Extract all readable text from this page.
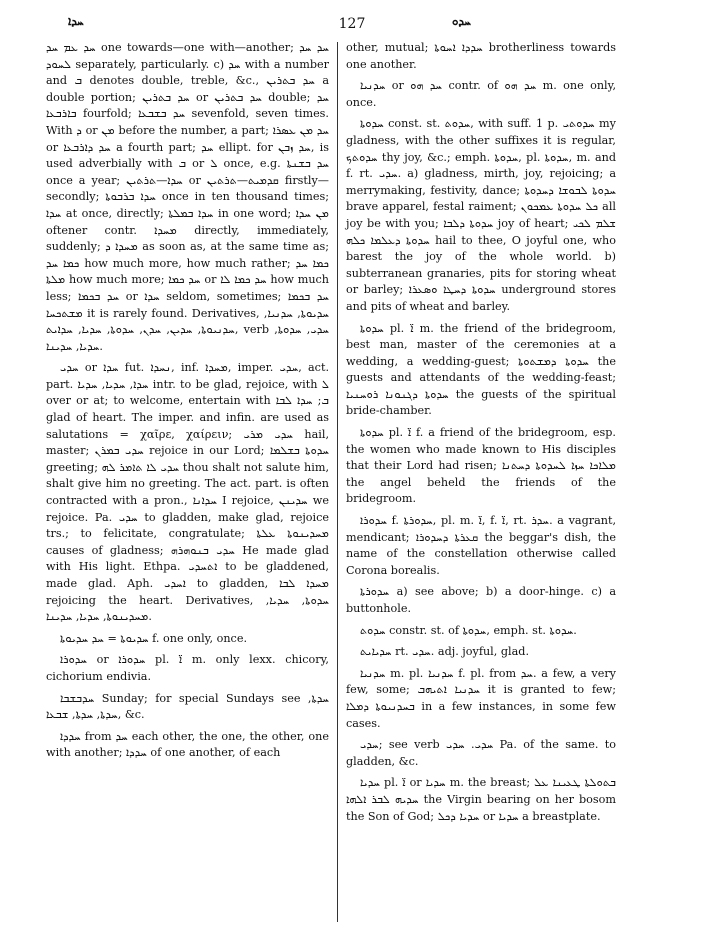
ܚܕܐ	127	ܚܕܘ

ܚܕ ܥܡ ܚܕ one towards—one with—another; ܚܕ ܚܕ ܠܚܘܕ separately, particularly. c) ܚܕ with a number and ܒ denotes double, treble, &c., ܚܕ ܒܬܪܝܢ a double portion; ܚܕ ܒܬܪܝܢ or ܚܕ ܒܬܪܝܢ double; ܚܕ ܒܐܪܒܥܐ fourfold; ܚܕ ܒܫܒܥܐ sevenfold, seven times. With ܕ or ܡܢ before the number, a part; ܚܕ ܡܢ ܥܣܪܐ or ܚܕ ܕܐܪܒܥܐ a fourth part; ܚܕ ellipt. for ܚܕ ܙܒܢ, is used adverbially with ܒ or ܠ once, e.g. ܚܕ ܒܫܢܬܐ once a year; ܚܕܐ—ܬܪܬܝܢ or ܩܕܡܝܬ—ܬܪܬܝܢ firstly—secondly; ܚܕܐ ܒܪܒܘܬܐ once in ten thousand times; ܚܕܐ at once, directly; ܚܕܐ ܒܡܠܬܐ in one word; ܡܢ ܚܕܐ oftener contr. ܡܚܕܐ directly, immediately, suddenly; ܡܚܕܐ ܕ as soon as, at the same time as; ܟܡܐ ܚܕ how much more, how much rather; ܟܡܐ ܚܕ ܡܠܬܐ how much more; ܚܕ ܟܡܐ or ܚܕ ܟܡܐ ܠܐ how much less; ܚܕ ܒܟܡܐ or ܚܕܐ seldom, sometimes; ܚܕ ܒܟܡܐ ܡܫܬܟܚܐ it is rarely found. Derivatives, ܚܕܝܘܬܐ, ܚܕܢܝܐ, ܚܕܢܝܘܬܐ, ܚܕܝܢ, ܚܕܢ, ܚܕܘܬܐ, ܚܕܝܐ, ܚܕܐܝܬ, verb ܚܕܝ, ܚܕܘܬܐ, ܚܕܝܐ, ܚܕܝܢܐ.

ܚܕܝ or ܚܕܐ fut. ܢܚܕܐ, inf. ܡܚܕܐ, imper. ܚܕܝ, act. part. ܚܕܐ, ܚܕܝܐ, ܚܕܝܐ intr. to be glad, rejoice, with ܠ over or at; to welcome, entertain with ܒ; ܚܕܐ ܠܒܐ glad of heart. The imper. and infin. are used as salutations = χαῖρε, χαίρειν; ܚܕܝ ܡܪܝ hail, master; ܚܕܝ ܒܡܪܢ rejoice in our Lord; ܚܕܘܬܐ ܒܫܠܡܐ greeting; ܚܕܝ ܠܐ ܬܐܡܪ ܠܗ thou shalt not salute him, shalt give him no greeting. The act. part. is often contracted with a pron., ܚܕܐܢܐ I rejoice, ܚܕܝܢܢ we rejoice. Pa. ܚܕܝ to gladden, make glad, rejoice trs.; to felicitate, congratulate; ܡܚܕܝܢܘܬܐ ܥܠܬܐ causes of gladness; ܚܕܝ ܒܢܘܗܪܗ He made glad with His light. Ethpa. ܐܬܚܕܝ to be gladdened, made glad. Aph. ܐܚܕܝ to gladden, ܡܚܕܐ ܠܒܐ rejoicing the heart. Derivatives, ܚܕܘܬܐ, ܚܕܝܐ, ܡܚܕܝܢܘܬܐ, ܚܕܝܐ, ܚܕܝܢܐ.

ܚܕܝܘܬܐ = ܚܕ ܚܕܝܘܬܐ f. one only, once.

ܚܕܘܪܐ or ܚܕܘܪܐ pl. ܐ̈ m. only lexx. chicory, cichorium endivia.

ܚܕܒܫܒܐ Sunday; for special Sundays see ܚܕܬܐ, ܚܕܬܐ, ܚܕܬܐ, ܫܒܥܐ, &c.

ܚܕܕܐ from ܚܕ each other, the one, the other, one with another; ܚܕܕܐ of one another, of each

other, mutual; ܚܕܕܐ ܐܚܘܬܐ brotherliness towards one another.

ܚܕܢܝܐ or ܚܕ ܗܘ contr. of ܚܕ ܗܘ m. one only, once.

ܚܕܘܬܐ const. st. ܚܕܘܬ, with suff. 1 p. ܚܕܘܬܝ my gladness, with the other suffixes it is regular, ܚܕܘܬܟ thy joy, &c.; emph. ܚܕܘܬܐ, pl. ܚܕܘܬܐ, m. and f. rt. ܚܕܝ. a) gladness, mirth, joy, rejoicing; a merrymaking, festivity, dance; ܚܕܘܬܐ ܠܒܘܫܐ ܕܚܕܘܬܐ brave apparel, festal raiment; ܟܠ ܚܕܘܬܐ ܥܡܟܘܢ all joy be with you; ܚܕܘܬܐ ܕܠܒܐ joy of heart; ܫܠܡ ܠܟܝ ܚܕܘܬܐ ܕܥܠܡܐ ܟܠܗ hail to thee, O joyful one, who barest the joy of the whole world. b) subterranean granaries, pits for storing wheat or barley; ܚܕܘܬܐ ܕܚܛܐ ܘܣܥܪܐ underground stores and pits of wheat and barley.

ܚܕܘܬܐ pl. ܐ̈ m. the friend of the bridegroom, best man, master of the ceremonies at a wedding, a wedding-guest; ܚܕܘܬܐ ܕܡܫܬܘܬܐ the guests and attendants of the wedding-feast; ܚܕܘܬܐ ܕܓܢܘܢܐ ܪܘܚܢܝܐ the guests of the spiritual bride-chamber.

ܚܕܘܬܐ pl. ܐ̈ f. a friend of the bridegroom, esp. the women who made known to His disciples that their Lord had risen; ܡܠܐܟܐ ܚܙܐ ܠܚܕܘܬܐ ܕܚܬܢܐ the angel beheld the friends of the bridegroom.

ܚܕܘܪܐ f. ܚܕܘܪܬܐ, pl. m. ܐ̈, f. ܐ̈, rt. ܚܕܪ. a vagrant, mendicant; ܩܥܪܬܐ ܕܚܕܘܪܐ the beggar's dish, the name of the constellation otherwise called Corona borealis.

ܚܕܘܪܬܐ a) see above; b) a door-hinge. c) a buttonhole.

ܚܕܘܬ constr. st. of ܚܕܘܬܐ, emph. st. ܚܕܘܬܐ.

ܚܕܝܐܝܬ rt. ܚܕܝ. adj. joyful, glad.

ܚܕܢܝܐ m. pl. ܚܕܢܝܐ f. pl. from ܚܕ. a few, a very few, some; ܚܕܢܝܐ ܐܬܝܗܒ it is granted to few; ܒܚܕܢܝܘܬܐ ܕܡܠܐ in a few instances, in some few cases.

ܚܕܝ; see verb ܚܕܝ. ܚܕܝ Pa. of the same. to gladden, &c.

ܚܕܝܐ pl. ܐ̈ or ܚܕܝܐ m. the breast; ܒܬܘܠܬܐ ܛܥܝܢܐ ܥܠ ܚܕܝܗ ܠܒܪ ܐܠܗܐ the Virgin bearing on her bosom the Son of God; ܚܕܝܐ ܕܟܠ or ܚܕܝܐ a breastplate.
